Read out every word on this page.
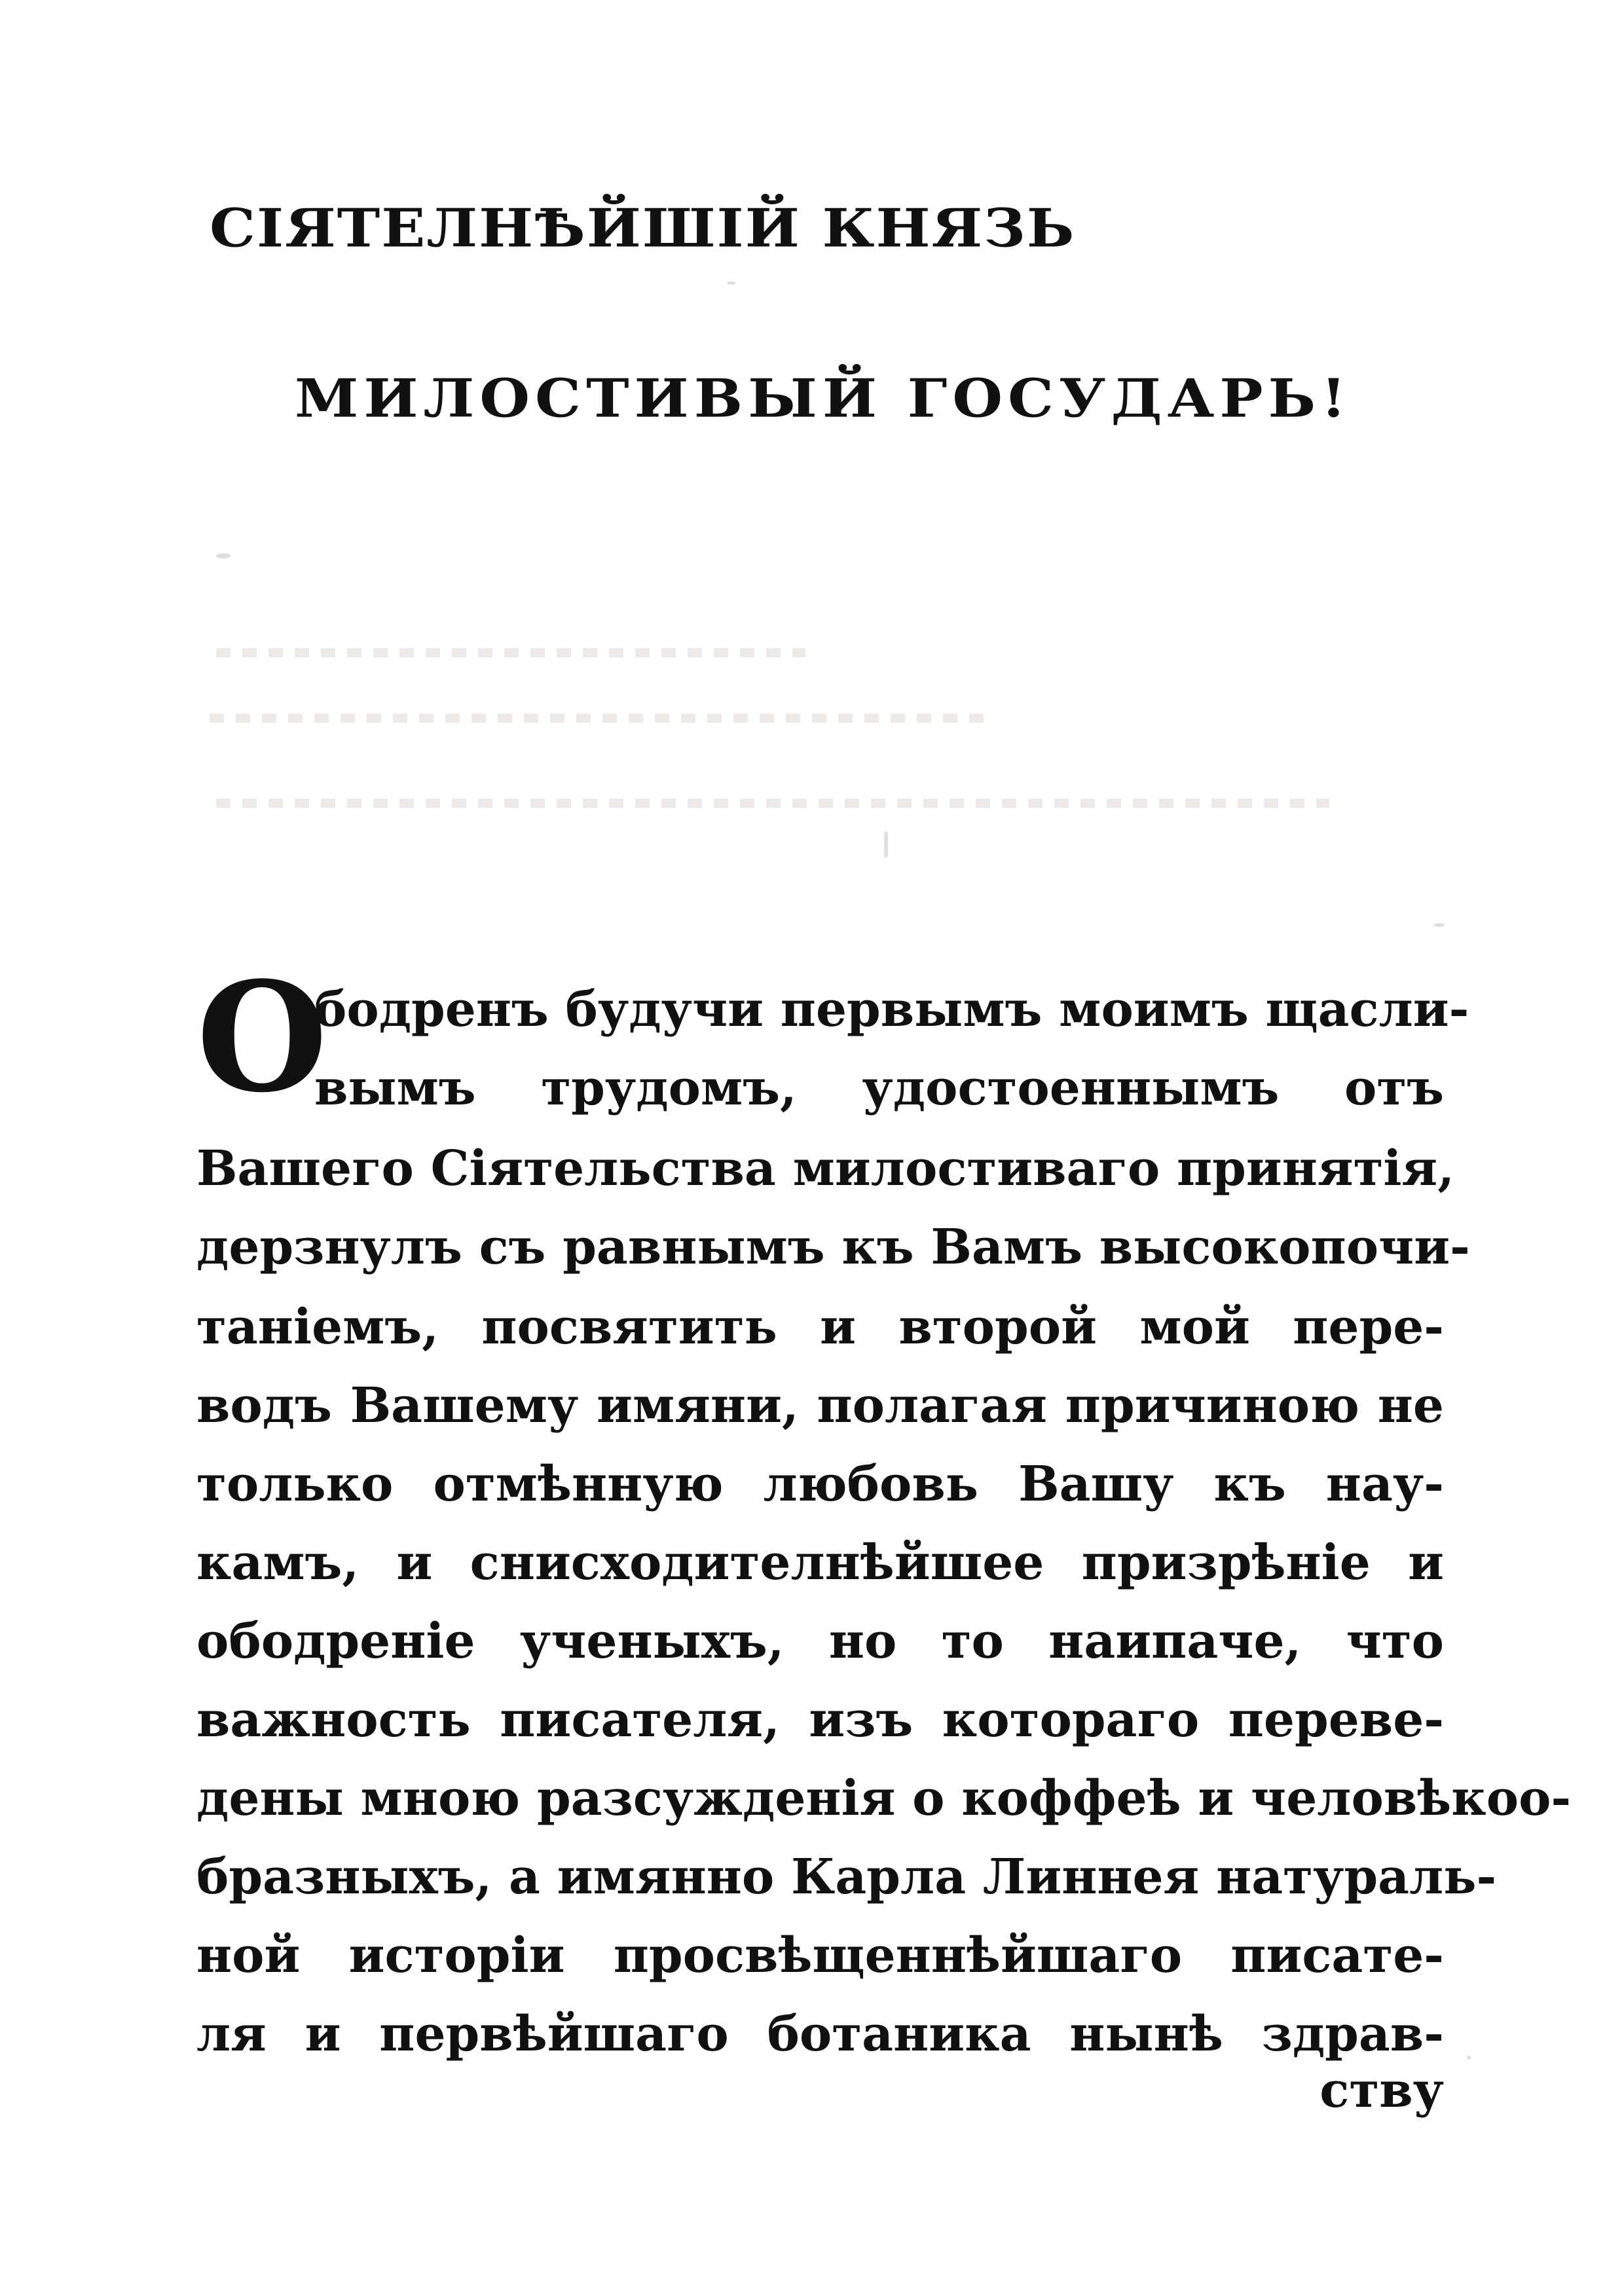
СІЯТЕЛНѢЙШІЙ КНЯЗЬ
МИЛОСТИВЫЙ ГОСУДАРЬ!
О
бодренъ будучи первымъ моимъ щасли-
вымъ трудомъ, удостоеннымъ отъ
Вашего Сіятельства милостиваго принятія,
дерзнулъ съ равнымъ къ Вамъ высокопочи-
таніемъ, посвятить и второй мой пере-
водъ Вашему имяни, полагая причиною не
только отмѣнную любовь Вашу къ нау-
камъ, и снисходителнѣйшее призрѣніе и
ободреніе ученыхъ, но то наипаче, что
важность писателя, изъ котораго переве-
дены мною разсужденія о коффеѣ и человѣкоо-
бразныхъ, а имянно Карла Линнея натураль-
ной исторіи просвѣщеннѣйшаго писате-
ля и первѣйшаго ботаника нынѣ здрав-
ству
